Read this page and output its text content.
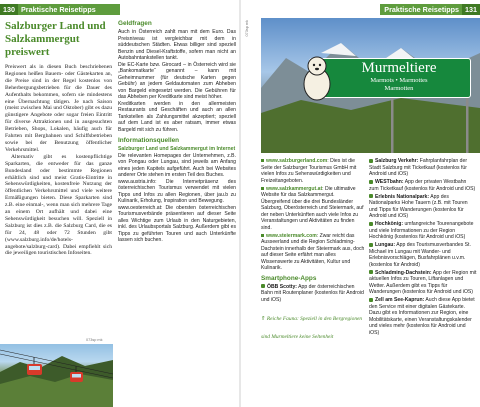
130 Praktische Reisetipps
Salzburger Land und Salzkammergut preiswert

Preiswert als in diesen Buch beschriebenen Regionen heißen Bauern- oder Gästekarten an, die Preise sind in der Regel kostenlos von Beherbergungsbetrieben für die Dauer des Aufenthalts bekommen, sofern sie mindestens eine Übernachtung tätigen. Je nach Saison (meist zwischen Mai und Oktober) gibt es dazu günstigere Angebote oder sogar freien Eintritt für diverse Attraktionen und in ausgesuchten Betrieben, Shops, Lokalen, häufig auch für Fahrten mit Bergbahnen und Schiffsbetrieben sowie bei der Benutzung öffentlicher Verkehrsmittel.

Alternativ gibt es kostenpflichtige Sparkarten, die entweder für das ganze Bundesland oder bestimmte Regionen erhältlich sind und meist Gratis-Eintritte in Sehenswürdigkeiten, kostenfreie Nutzung der öffentlichen Verkehrsmittel und viele weitere Ermäßigungen bieten. Diese Sparkarten sind z.B. eine einmal-, wenn man sich mehrere Tage an einem Ort aufhält und dabei eine Sehenswürdigkeit besuchen will. Speziell in Salzburg ist dies z.B. die Salzburg Card, die es für 24, 48 oder 72 Stunden gibt (www.salzburg.info/de/hotels-angebote/salzburg-card). Dabei empfiehlt sich die jeweiligen touristischen Infoseiten.

073sp mk
Geldfragen

Auch in Österreich zahlt man mit dem Euro. Das Preisniveau ist vergleichbar mit dem in süddeutschen Städten. Etwas billiger sind speziell Benzin und Diesel-Kraftstoffe, sofern man nicht an Autobahntankstellen tankt.

Die EC-Karte bzw. Girocard – in Österreich wird sie „Bankomatkarte“ genannt – kann mit Geheimnummer (für deutsche Karten gegen Gebühr) an jedem Geldautomaten zum Abheben von Bargeld eingesetzt werden. Die Gebühren für das Abheben per Kreditkarte sind meist höher.

Kreditkarten werden in den allermeisten Restaurants und Geschäften und auch an allen Tankstellen als Zahlungsmittel akzeptiert; speziell auf dem Land ist es aber ratsam, immer etwas Bargeld mit sich zu führen.

Informationsquellen
Salzburger Land und Salzkammergut im Internet

Die relevanten Homepages der Unternehmen, z.B. von Pongau oder Lungau, sind jeweils am Anfang eines jeden Kapitels aufgeführt. Auch bei Websites anderer Orte stehen im ersten Teil des Buches.

www.austria.info: Die Internetpräsenz des österreichischen Tourismus verwendet mit vielen Tipps und Infos zu allen Regionen, über jau.b zu Kulinarik, Erholung, Inspiration und Bewegung.

www.oesterreich.at: Die obersten österreichischen Tourismusverbände präsentieren auf dieser Seite alles Wichtige zum Urlaub in den Naturgebieten, inkl. des Urlaubsportals Salzburg. Außerdem gibt es Tipps zu geführten Touren und auch Unterkünfte lassen sich buchen.

Praktische Reisetipps 131
Murmeltiere
Marmots • Marmottes
Marmotten
073sp mk

www.salzburgerland.com: Dies ist die Seite der Salzburger Tourismus GmbH mit vielen Infos zu Sehenswürdigkeiten und Freizeitangeboten.

www.salzkammergut.at: Die ultimative Website für das Salzkammergut. Übergreifend über die drei Bundesländer Salzburg, Oberösterreich und Steiermark, auf der neben Unterkünften auch viele Infos zu Veranstaltungen und Aktivitäten zu finden sind.

www.steiermark.com: Zwar reicht das Ausseerland und die Region Schladming-Dachstein innerhalb der Steiermark aus, doch auf dieser Seite erfährt man alles Wissenswerte zu Aktivitäten, Kultur und Kulinarik.

Smartphone-Apps

ÖBB Scotty: App der österreichischen Bahn mit Routenplaner (kostenlos für Android und iOS)

⇑ Reiche Fauna: Speziell in den Bergregionen sind Murmeltiere keine Seltenheit

Salzburg Verkehr: Fahrplanfahrplan der Stadt Salzburg mit Ticketkauf (kostenlos für Android und iOS)

WESTbahn: App der privaten Westbahn zum Ticketkauf (kostenlos für Android und iOS)

Erlebnis Nationalpark: App des Nationalparks Hohe Tauern (z.B. mit Touren und Tipps für Wanderungen (kostenlos für Android und iOS)

Hochkönig: umfangreiche Tourenangebote und viele Informationen zu der Region Hochkönig (kostenlos für Android und iOS)

Lungau: App des Tourismusverbandes St. Michael im Lungau mit Wander- und Erlebnisvorschlägen, Busfahrplänen u.v.m. (kostenlos für Android)

Schladming-Dachstein: App der Region mit aktuellen Infos zu Touren, Liftanlagen und Wetter. Außerdem gibt es Tipps für Wanderungen (kostenlos für Android und iOS)

Zell am See-Kaprun: Auch diese App bietet den Service mit einer digitalen Gästekarte. Dazu gibt es Informationen zur Region, eine Mobilitätskarte, einen Veranstaltungskalender und vieles mehr (kostenlos für Android und iOS)
